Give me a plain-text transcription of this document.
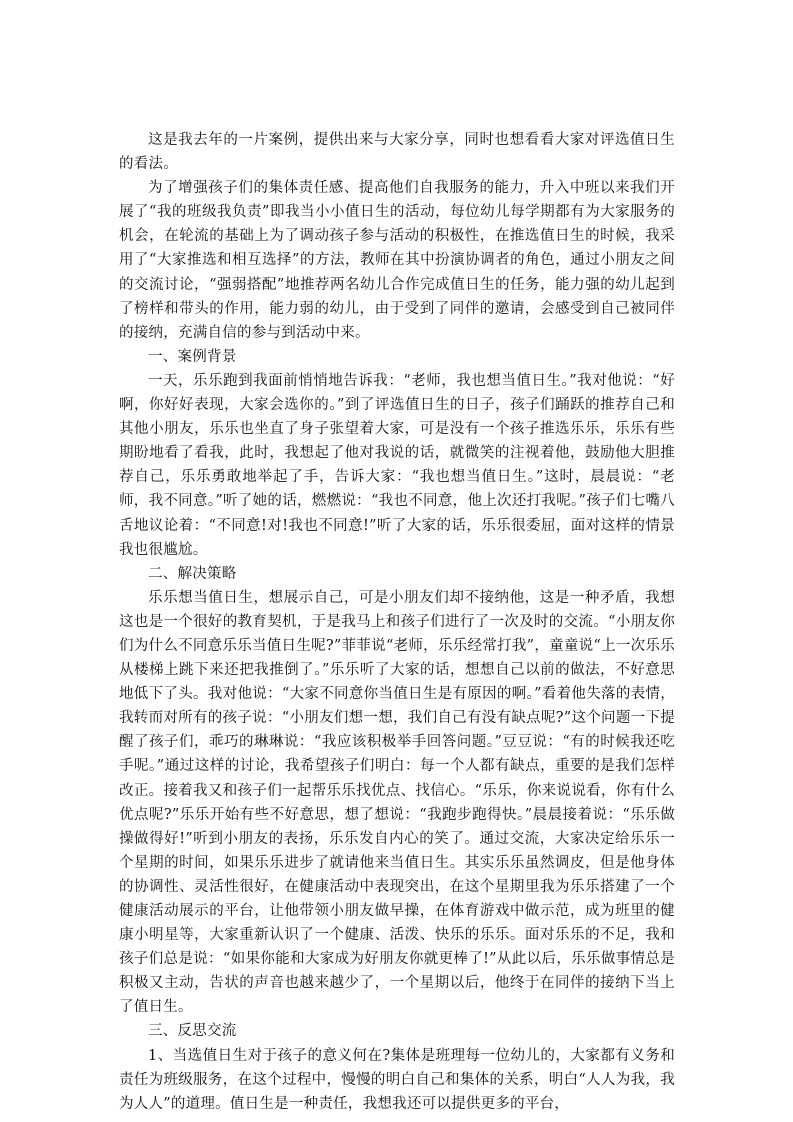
这是我去年的一片案例，提供出来与大家分享，同时也想看看大家对评选值日生的看法。

为了增强孩子们的集体责任感、提高他们自我服务的能力，升入中班以来我们开展了“我的班级我负责”即我当小小值日生的活动，每位幼儿每学期都有为大家服务的机会，在轮流的基础上为了调动孩子参与活动的积极性，在推选值日生的时候，我采用了“大家推选和相互选择”的方法，教师在其中扮演协调者的角色，通过小朋友之间的交流讨论，“强弱搭配”地推荐两名幼儿合作完成值日生的任务，能力强的幼儿起到了榜样和带头的作用，能力弱的幼儿，由于受到了同伴的邀请，会感受到自己被同伴的接纳，充满自信的参与到活动中来。

一、案例背景

一天，乐乐跑到我面前悄悄地告诉我：“老师，我也想当值日生。”我对他说：“好啊，你好好表现，大家会选你的。”到了评选值日生的日子，孩子们踊跃的推荐自己和其他小朋友，乐乐也坐直了身子张望着大家，可是没有一个孩子推选乐乐，乐乐有些期盼地看了看我，此时，我想起了他对我说的话，就微笑的注视着他，鼓励他大胆推荐自己，乐乐勇敢地举起了手，告诉大家：“我也想当值日生。”这时，晨晨说：“老师，我不同意。”听了她的话，燃燃说：“我也不同意，他上次还打我呢。”孩子们七嘴八舌地议论着：“不同意!对!我也不同意!”听了大家的话，乐乐很委屈，面对这样的情景我也很尴尬。

二、解决策略

乐乐想当值日生，想展示自己，可是小朋友们却不接纳他，这是一种矛盾，我想这也是一个很好的教育契机，于是我马上和孩子们进行了一次及时的交流。“小朋友你们为什么不同意乐乐当值日生呢?”菲菲说“老师，乐乐经常打我”，童童说“上一次乐乐从楼梯上跳下来还把我推倒了。”乐乐听了大家的话，想想自己以前的做法，不好意思地低下了头。我对他说：“大家不同意你当值日生是有原因的啊。”看着他失落的表情，我转而对所有的孩子说：“小朋友们想一想，我们自己有没有缺点呢?”这个问题一下提醒了孩子们，乖巧的琳琳说：“我应该积极举手回答问题。”豆豆说：“有的时候我还吃手呢。”通过这样的讨论，我希望孩子们明白：每一个人都有缺点，重要的是我们怎样改正。接着我又和孩子们一起帮乐乐找优点、找信心。“乐乐，你来说说看，你有什么优点呢?”乐乐开始有些不好意思，想了想说：“我跑步跑得快。”晨晨接着说：“乐乐做操做得好!”听到小朋友的表扬，乐乐发自内心的笑了。通过交流，大家决定给乐乐一个星期的时间，如果乐乐进步了就请他来当值日生。其实乐乐虽然调皮，但是他身体的协调性、灵活性很好，在健康活动中表现突出，在这个星期里我为乐乐搭建了一个健康活动展示的平台，让他带领小朋友做早操，在体育游戏中做示范，成为班里的健康小明星等，大家重新认识了一个健康、活泼、快乐的乐乐。面对乐乐的不足，我和孩子们总是说：“如果你能和大家成为好朋友你就更棒了!”从此以后，乐乐做事情总是积极又主动，告状的声音也越来越少了，一个星期以后，他终于在同伴的接纳下当上了值日生。

三、反思交流

1、当选值日生对于孩子的意义何在?集体是班理每一位幼儿的，大家都有义务和责任为班级服务，在这个过程中，慢慢的明白自己和集体的关系，明白“人人为我，我为人人”的道理。值日生是一种责任，我想我还可以提供更多的平台，
